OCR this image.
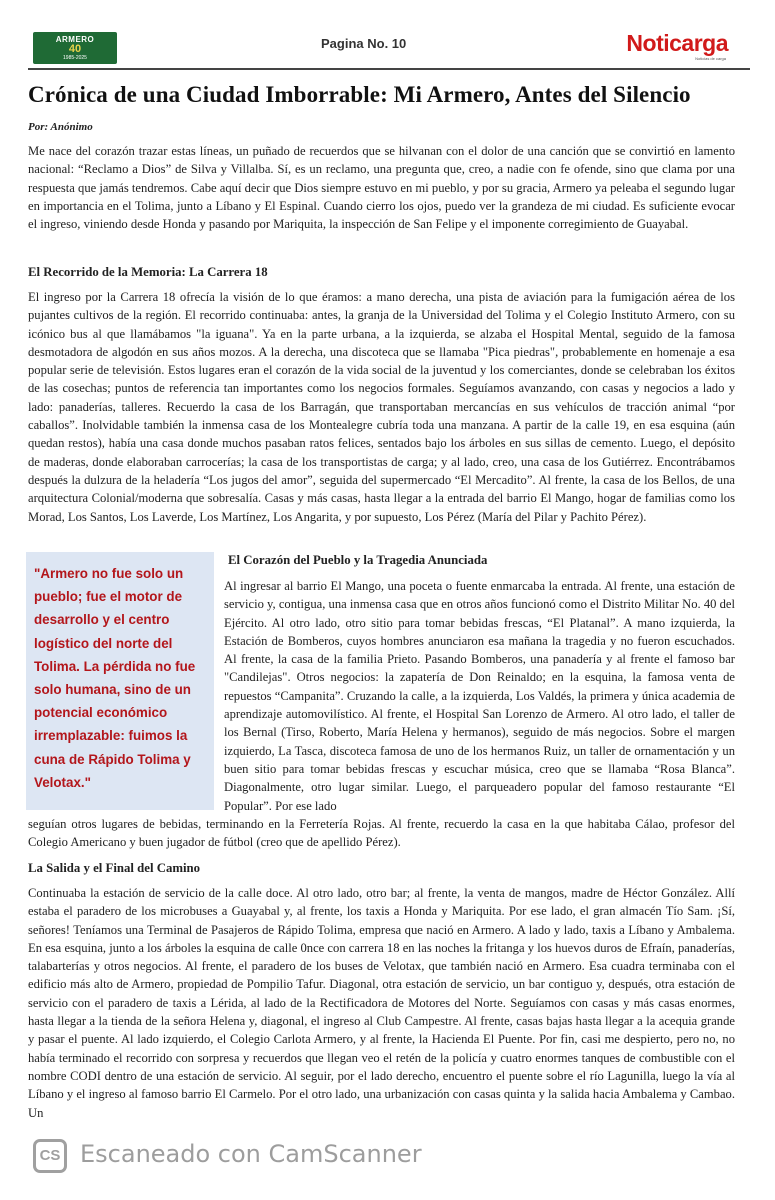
ARMERO
40
1985-2025
Pagina No. 10	Noticarga
Noticias de carga
Crónica de una Ciudad Imborrable: Mi Armero, Antes del Silencio
Por: Anónimo

Me nace del corazón trazar estas líneas, un puñado de recuerdos que se hilvanan con el dolor de una canción que se convirtió en lamento nacional: “Reclamo a Dios” de Silva y Villalba. Sí, es un reclamo, una pregunta que, creo, a nadie con fe ofende, sino que clama por una respuesta que jamás tendremos. Cabe aquí decir que Dios siempre estuvo en mi pueblo, y por su gracia, Armero ya peleaba el segundo lugar en importancia en el Tolima, junto a Líbano y El Espinal. Cuando cierro los ojos, puedo ver la grandeza de mi ciudad. Es suficiente evocar el ingreso, viniendo desde Honda y pasando por Mariquita, la inspección de San Felipe y el imponente corregimiento de Guayabal.

El Recorrido de la Memoria: La Carrera 18

El ingreso por la Carrera 18 ofrecía la visión de lo que éramos: a mano derecha, una pista de aviación para la fumigación aérea de los pujantes cultivos de la región. El recorrido continuaba: antes, la granja de la Universidad del Tolima y el Colegio Instituto Armero, con su icónico bus al que llamábamos "la iguana". Ya en la parte urbana, a la izquierda, se alzaba el Hospital Mental, seguido de la famosa desmotadora de algodón en sus años mozos. A la derecha, una discoteca que se llamaba "Pica piedras", probablemente en homenaje a esa popular serie de televisión. Estos lugares eran el corazón de la vida social de la juventud y los comerciantes, donde se celebraban los éxitos de las cosechas; puntos de referencia tan importantes como los negocios formales. Seguíamos avanzando, con casas y negocios a lado y lado: panaderías, talleres. Recuerdo la casa de los Barragán, que transportaban mercancías en sus vehículos de tracción animal “por caballos”. Inolvidable también la inmensa casa de los Montealegre cubría toda una manzana. A partir de la calle 19, en esa esquina (aún quedan restos), había una casa donde muchos pasaban ratos felices, sentados bajo los árboles en sus sillas de cemento. Luego, el depósito de maderas, donde elaboraban carrocerías; la casa de los transportistas de carga; y al lado, creo, una casa de los Gutiérrez. Encontrábamos después la dulzura de la heladería “Los jugos del amor”, seguida del supermercado “El Mercadito”. Al frente, la casa de los Bellos, de una arquitectura Colonial/moderna que sobresalía. Casas y más casas, hasta llegar a la entrada del barrio El Mango, hogar de familias como los Morad, Los Santos, Los Laverde, Los Martínez, Los Angarita, y por supuesto, Los Pérez (María del Pilar y Pachito Pérez).

"Armero no fue solo un pueblo; fue el motor de desarrollo y el centro logístico del norte del Tolima. La pérdida no fue solo humana, sino de un potencial económico irremplazable: fuimos la cuna de Rápido Tolima y Velotax."
El Corazón del Pueblo y la Tragedia Anunciada

Al ingresar al barrio El Mango, una poceta o fuente enmarcaba la entrada. Al frente, una estación de servicio y, contigua, una inmensa casa que en otros años funcionó como el Distrito Militar No. 40 del Ejército. Al otro lado, otro sitio para tomar bebidas frescas, “El Platanal”. A mano izquierda, la Estación de Bomberos, cuyos hombres anunciaron esa mañana la tragedia y no fueron escuchados. Al frente, la casa de la familia Prieto. Pasando Bomberos, una panadería y al frente el famoso bar "Candilejas". Otros negocios: la zapatería de Don Reinaldo; en la esquina, la famosa venta de repuestos “Campanita”. Cruzando la calle, a la izquierda, Los Valdés, la primera y única academia de aprendizaje automovilístico. Al frente, el Hospital San Lorenzo de Armero. Al otro lado, el taller de los Bernal (Tirso, Roberto, María Helena y hermanos), seguido de más negocios. Sobre el margen izquierdo, La Tasca, discoteca famosa de uno de los hermanos Ruiz, un taller de ornamentación y un buen sitio para tomar bebidas frescas y escuchar música, creo que se llamaba “Rosa Blanca”. Diagonalmente, otro lugar similar. Luego, el parqueadero popular del famoso restaurante “El Popular”. Por ese lado

seguían otros lugares de bebidas, terminando en la Ferretería Rojas. Al frente, recuerdo la casa en la que habitaba Cálao, profesor del Colegio Americano y buen jugador de fútbol (creo que de apellido Pérez).

La Salida y el Final del Camino

Continuaba la estación de servicio de la calle doce. Al otro lado, otro bar; al frente, la venta de mangos, madre de Héctor González. Allí estaba el paradero de los microbuses a Guayabal y, al frente, los taxis a Honda y Mariquita. Por ese lado, el gran almacén Tío Sam. ¡Sí, señores! Teníamos una Terminal de Pasajeros de Rápido Tolima, empresa que nació en Armero. A lado y lado, taxis a Líbano y Ambalema. En esa esquina, junto a los árboles la esquina de calle 0nce con carrera 18 en las noches la fritanga y los huevos duros de Efraín, panaderías, talabarterías y otros negocios. Al frente, el paradero de los buses de Velotax, que también nació en Armero. Esa cuadra terminaba con el edificio más alto de Armero, propiedad de Pompilio Tafur. Diagonal, otra estación de servicio, un bar contiguo y, después, otra estación de servicio con el paradero de taxis a Lérida, al lado de la Rectificadora de Motores del Norte. Seguíamos con casas y más casas enormes, hasta llegar a la tienda de la señora Helena y, diagonal, el ingreso al Club Campestre. Al frente, casas bajas hasta llegar a la acequia grande y pasar el puente. Al lado izquierdo, el Colegio Carlota Armero, y al frente, la Hacienda El Puente. Por fin, casi me despierto, pero no, no había terminado el recorrido con sorpresa y recuerdos que llegan veo el retén de la policía y cuatro enormes tanques de combustible con el nombre CODI dentro de una estación de servicio. Al seguir, por el lado derecho, encuentro el puente sobre el río Lagunilla, luego la vía al Líbano y el ingreso al famoso barrio El Carmelo. Por el otro lado, una urbanización con casas quinta y la salida hacia Ambalema y Cambao. Un

CS Escaneado con CamScanner
